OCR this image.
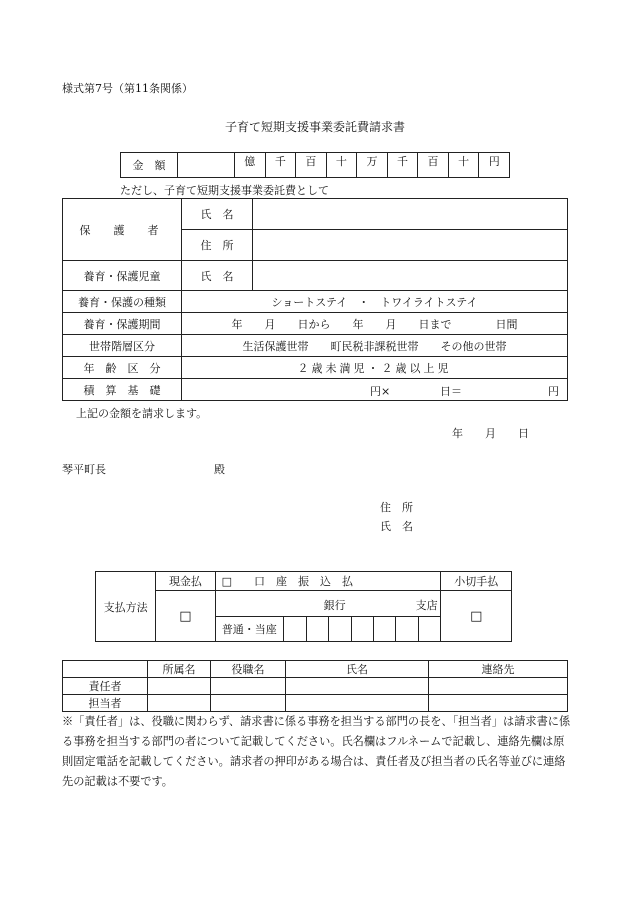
様式第7号（第11条関係）
子育て短期支援事業委託費請求書
金　額		億	千	百	十	万	千	百	十	円
ただし、子育て短期支援事業委託費として
保　護　者	氏　名	
	住　所	
養育・保護児童	氏　名	
養育・保護の種類	ショートステイ　・　トワイライトステイ	
養育・保護期間	年　　月　　日から　　年　　月　　日まで　　　　日間	
世帯階層区分	生活保護世帯　　町民税非課税世帯　　その他の世帯	
年　齢　区　分	２歳未満児・２歳以上児	
積　算　基　礎	円× 日＝ 円	
上記の金額を請求します。
年　　月　　日
琴平町長	殿
住　所
氏　名
支払方法	現金払	□　　口　座　振　込　払								小切手払
	□	銀行 支店								□
		普通・当座								
	所属名	役職名	氏名	連絡先
責任者				
担当者				
※「責任者」は、役職に関わらず、請求書に係る事務を担当する部門の長を、「担当者」は請求書に係る事務を担当する部門の者について記載してください。氏名欄はフルネームで記載し、連絡先欄は原則固定電話を記載してください。請求者の押印がある場合は、責任者及び担当者の氏名等並びに連絡先の記載は不要です。
